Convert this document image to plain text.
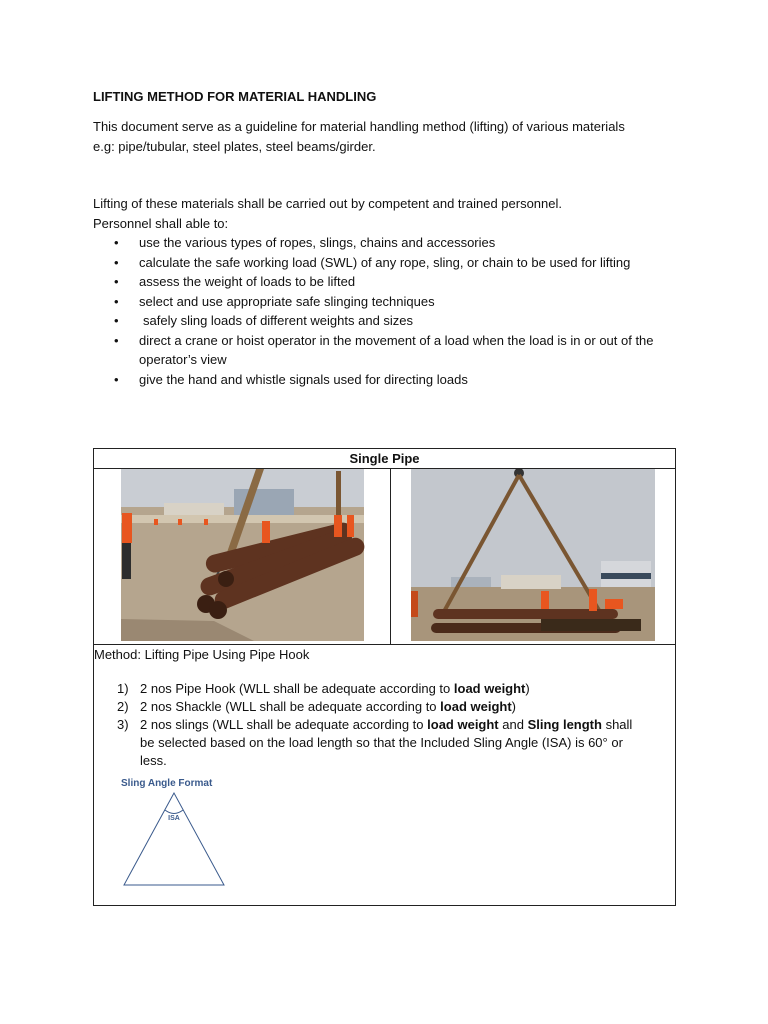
LIFTING METHOD FOR MATERIAL HANDLING
This document serve as a guideline for material handling method (lifting) of various materials
e.g: pipe/tubular, steel plates, steel beams/girder.
Lifting of these materials shall be carried out by competent and trained personnel.
Personnel shall able to:
• use the various types of ropes, slings, chains and accessories
• calculate the safe working load (SWL) of any rope, sling, or chain to be used for lifting
• assess the weight of loads to be lifted
• select and use appropriate safe slinging techniques
• safely sling loads of different weights and sizes
• direct a crane or hoist operator in the movement of a load when the load is in or out of the operator’s view
• give the hand and whistle signals used for directing loads
Single Pipe

Method: Lifting Pipe Using Pipe Hook
1) 2 nos Pipe Hook (WLL shall be adequate according to load weight)
2) 2 nos Shackle (WLL shall be adequate according to load weight)
3) 2 nos slings (WLL shall be adequate according to load weight and Sling length shall be selected based on the load length so that the Included Sling Angle (ISA) is 60° or less.
Sling Angle Format
ISA
